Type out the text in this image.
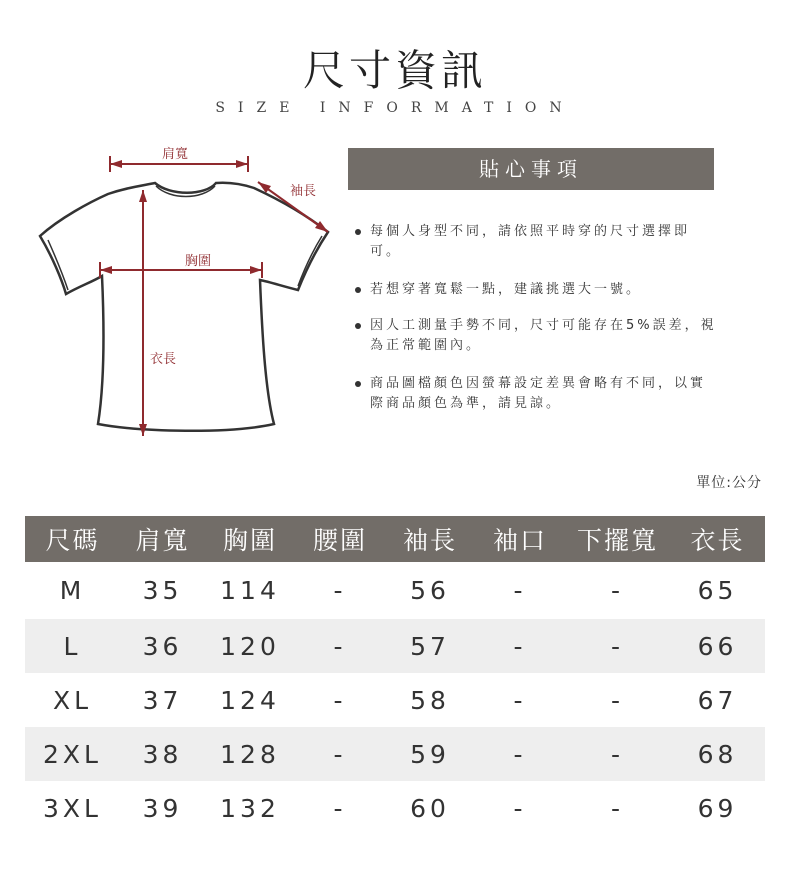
尺寸資訊
SIZE INFORMATION
肩寬
袖長
胸圍
衣長
貼心事項
每個人身型不同，請依照平時穿的尺寸選擇即可。
若想穿著寬鬆一點，建議挑選大一號。
因人工測量手勢不同，尺寸可能存在5%誤差，視為正常範圍內。
商品圖檔顏色因螢幕設定差異會略有不同，以實際商品顏色為準，請見諒。
單位:公分
尺碼	肩寬	胸圍	腰圍	袖長	袖口	下擺寬	衣長
M	35	114	-	56	-	-	65
L	36	120	-	57	-	-	66
XL	37	124	-	58	-	-	67
2XL	38	128	-	59	-	-	68
3XL	39	132	-	60	-	-	69
